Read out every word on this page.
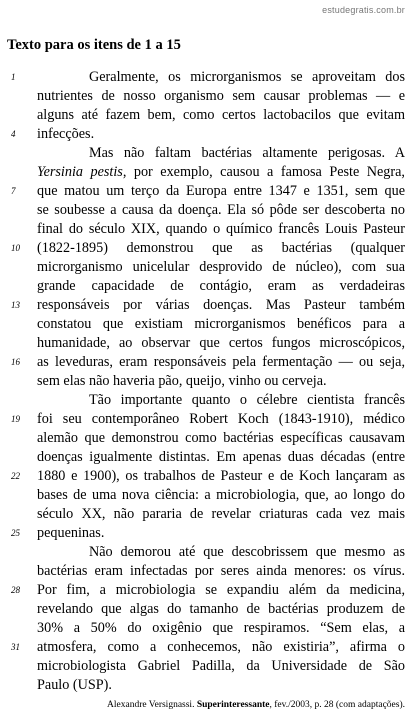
estudegratis.com.br
Texto para os itens de 1 a 15
1	Geralmente, os microrganismos se aproveitam dos
nutrientes de nosso organismo sem causar problemas — e
alguns até fazem bem, como certos lactobacilos que evitam
4	infecções.
Mas não faltam bactérias altamente perigosas. A
Yersinia pestis, por exemplo, causou a famosa Peste Negra,
7	que matou um terço da Europa entre 1347 e 1351, sem que
se soubesse a causa da doença. Ela só pôde ser descoberta no
final do século XIX, quando o químico francês Louis Pasteur
10	(1822-1895) demonstrou que as bactérias (qualquer
microrganismo unicelular desprovido de núcleo), com sua
grande capacidade de contágio, eram as verdadeiras
13	responsáveis por várias doenças. Mas Pasteur também
constatou que existiam microrganismos benéficos para a
humanidade, ao observar que certos fungos microscópicos,
16	as leveduras, eram responsáveis pela fermentação — ou seja,
sem elas não haveria pão, queijo, vinho ou cerveja.
Tão importante quanto o célebre cientista francês
19	foi seu contemporâneo Robert Koch (1843-1910), médico
alemão que demonstrou como bactérias específicas causavam
doenças igualmente distintas. Em apenas duas décadas (entre
22	1880 e 1900), os trabalhos de Pasteur e de Koch lançaram as
bases de uma nova ciência: a microbiologia, que, ao longo do
século XX, não pararia de revelar criaturas cada vez mais
25	pequeninas.
Não demorou até que descobrissem que mesmo as
bactérias eram infectadas por seres ainda menores: os vírus.
28	Por fim, a microbiologia se expandiu além da medicina,
revelando que algas do tamanho de bactérias produzem de
30% a 50% do oxigênio que respiramos. “Sem elas, a
31	atmosfera, como a conhecemos, não existiria”, afirma o
microbiologista Gabriel Padilla, da Universidade de São
Paulo (USP).
Alexandre Versignassi. Superinteressante, fev./2003, p. 28 (com adaptações).
